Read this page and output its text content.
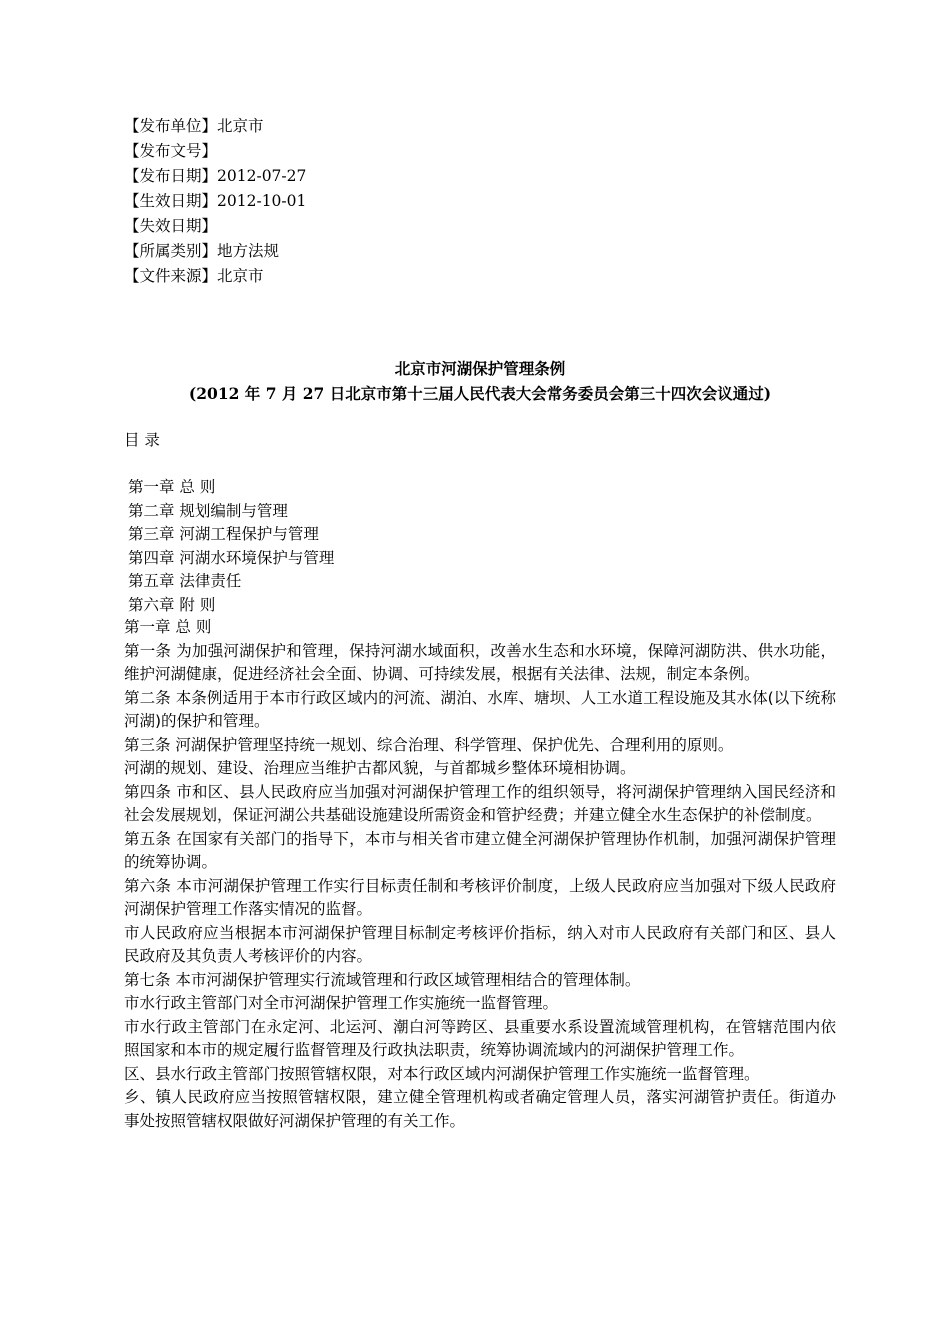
【发布单位】北京市
【发布文号】
【发布日期】2012-07-27
【生效日期】2012-10-01
【失效日期】
【所属类别】地方法规
【文件来源】北京市
北京市河湖保护管理条例
(2012 年 7 月 27 日北京市第十三届人民代表大会常务委员会第三十四次会议通过)
目 录
第一章 总 则
第二章 规划编制与管理
第三章 河湖工程保护与管理
第四章 河湖水环境保护与管理
第五章 法律责任
第六章 附 则

第一章 总 则

第一条 为加强河湖保护和管理，保持河湖水域面积，改善水生态和水环境，保障河湖防洪、供水功能，维护河湖健康，促进经济社会全面、协调、可持续发展，根据有关法律、法规，制定本条例。

第二条 本条例适用于本市行政区域内的河流、湖泊、水库、塘坝、人工水道工程设施及其水体(以下统称河湖)的保护和管理。

第三条 河湖保护管理坚持统一规划、综合治理、科学管理、保护优先、合理利用的原则。

河湖的规划、建设、治理应当维护古都风貌，与首都城乡整体环境相协调。

第四条 市和区、县人民政府应当加强对河湖保护管理工作的组织领导，将河湖保护管理纳入国民经济和社会发展规划，保证河湖公共基础设施建设所需资金和管护经费；并建立健全水生态保护的补偿制度。

第五条 在国家有关部门的指导下，本市与相关省市建立健全河湖保护管理协作机制，加强河湖保护管理的统筹协调。

第六条 本市河湖保护管理工作实行目标责任制和考核评价制度，上级人民政府应当加强对下级人民政府河湖保护管理工作落实情况的监督。

市人民政府应当根据本市河湖保护管理目标制定考核评价指标，纳入对市人民政府有关部门和区、县人民政府及其负责人考核评价的内容。

第七条 本市河湖保护管理实行流域管理和行政区域管理相结合的管理体制。

市水行政主管部门对全市河湖保护管理工作实施统一监督管理。

市水行政主管部门在永定河、北运河、潮白河等跨区、县重要水系设置流域管理机构，在管辖范围内依照国家和本市的规定履行监督管理及行政执法职责，统筹协调流域内的河湖保护管理工作。

区、县水行政主管部门按照管辖权限，对本行政区域内河湖保护管理工作实施统一监督管理。

乡、镇人民政府应当按照管辖权限，建立健全管理机构或者确定管理人员，落实河湖管护责任。街道办事处按照管辖权限做好河湖保护管理的有关工作。
